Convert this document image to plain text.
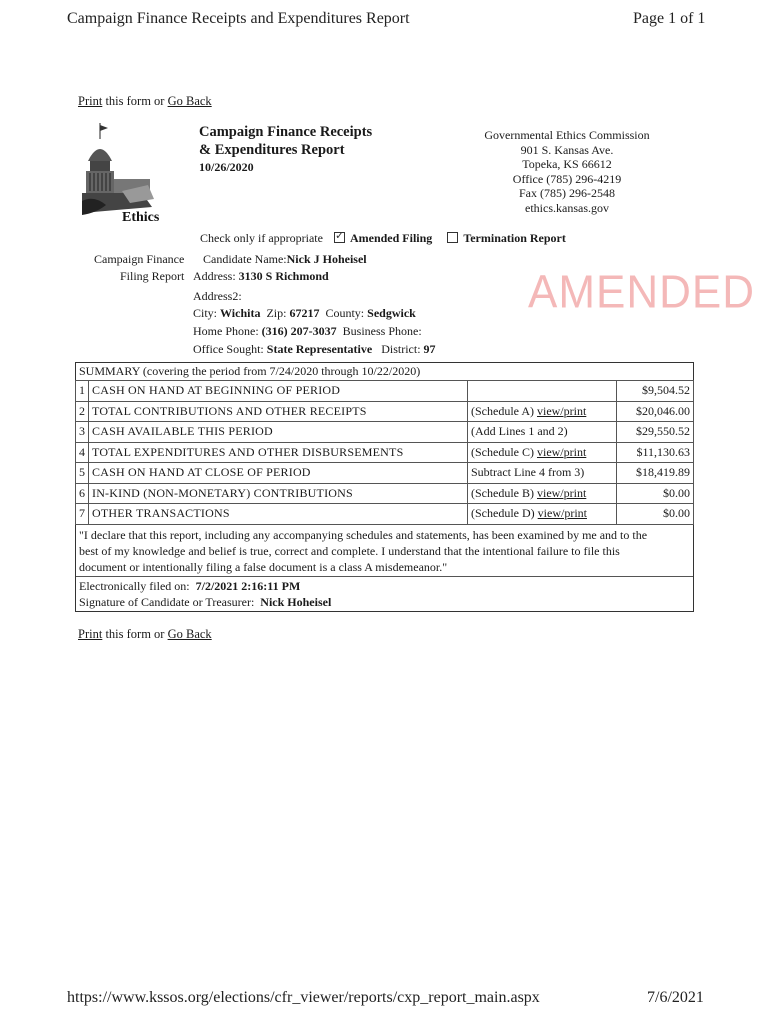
Campaign Finance Receipts and Expenditures Report	Page 1 of 1
Print this form or Go Back
Ethics
Campaign Finance Receipts
& Expenditures Report
10/26/2020
Governmental Ethics Commission
901 S. Kansas Ave.
Topeka, KS 66612
Office (785) 296-4219
Fax (785) 296-2548
ethics.kansas.gov
Check only if appropriate ✓ Amended Filing	Termination Report
AMENDED
Campaign Finance
Filing Report
Candidate Name:Nick J Hoheisel
Address: 3130 S Richmond
Address2:
City: Wichita Zip: 67217 County: Sedgwick
Home Phone: (316) 207-3037 Business Phone:
Office Sought: State Representative District: 97
SUMMARY (covering the period from 7/24/2020 through 10/22/2020)
1	CASH ON HAND AT BEGINNING OF PERIOD		$9,504.52
2	TOTAL CONTRIBUTIONS AND OTHER RECEIPTS	(Schedule A) view/print	$20,046.00
3	CASH AVAILABLE THIS PERIOD	(Add Lines 1 and 2)	$29,550.52
4	TOTAL EXPENDITURES AND OTHER DISBURSEMENTS	(Schedule C) view/print	$11,130.63
5	CASH ON HAND AT CLOSE OF PERIOD	Subtract Line 4 from 3)	$18,419.89
6	IN-KIND (NON-MONETARY) CONTRIBUTIONS	(Schedule B) view/print	$0.00
7	OTHER TRANSACTIONS	(Schedule D) view/print	$0.00
"I declare that this report, including any accompanying schedules and statements, has been examined by me and to the
best of my knowledge and belief is true, correct and complete. I understand that the intentional failure to file this
document or intentionally filing a false document is a class A misdemeanor."
Electronically filed on: 7/2/2021 2:16:11 PM
Signature of Candidate or Treasurer: Nick Hoheisel
Print this form or Go Back
https://www.kssos.org/elections/cfr_viewer/reports/cxp_report_main.aspx	7/6/2021
